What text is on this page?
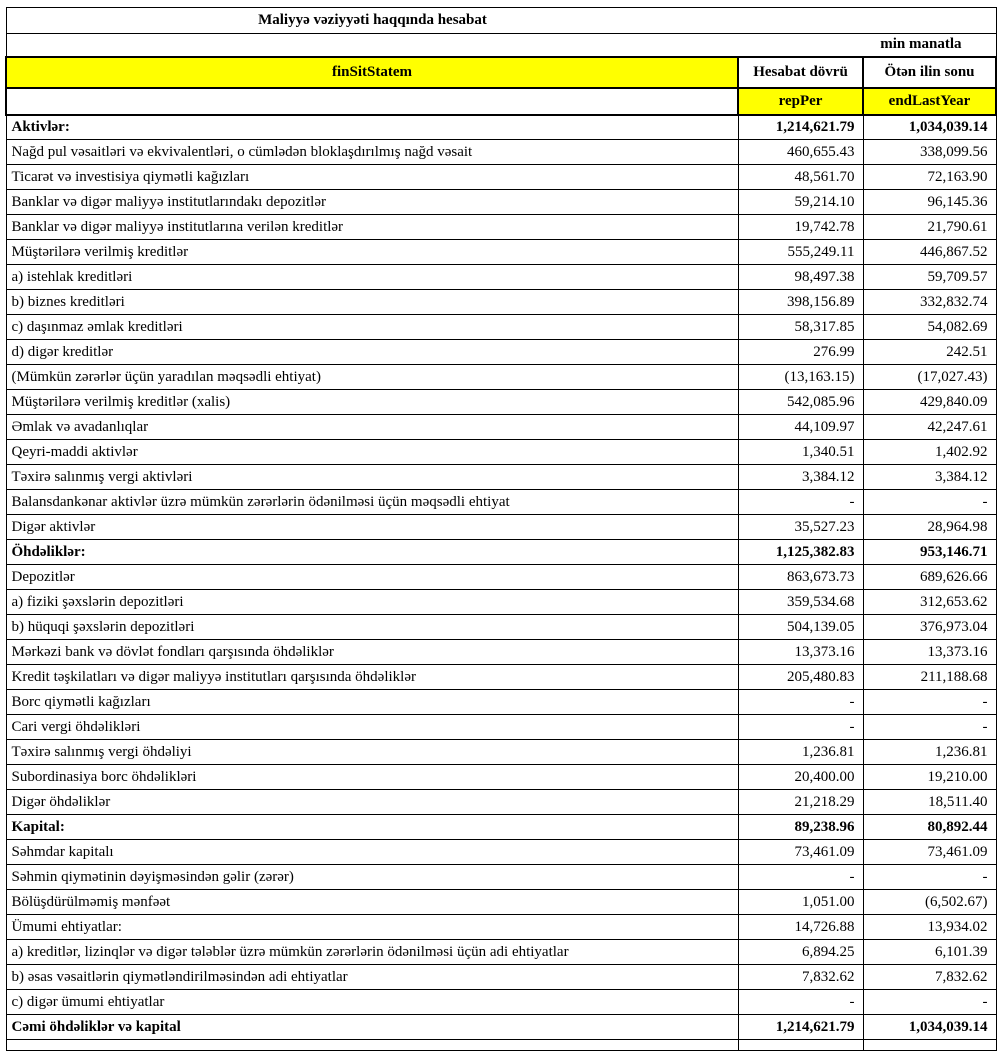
Maliyyə vəziyyəti haqqında hesabat		

min manatla		
finSitStatem	Hesabat dövrü	Ötən ilin sonu
	repPer	endLastYear
Aktivlər:	1,214,621.79	1,034,039.14
Nağd pul vəsaitləri və ekvivalentləri, o cümlədən bloklaşdırılmış nağd vəsait	460,655.43	338,099.56
Ticarət və investisiya qiymətli kağızları	48,561.70	72,163.90
Banklar və digər maliyyə institutlarındakı depozitlər	59,214.10	96,145.36
Banklar və digər maliyyə institutlarına verilən kreditlər	19,742.78	21,790.61
Müştərilərə verilmiş kreditlər	555,249.11	446,867.52
a) istehlak kreditləri	98,497.38	59,709.57
b) biznes kreditləri	398,156.89	332,832.74
c) daşınmaz əmlak kreditləri	58,317.85	54,082.69
d) digər kreditlər	276.99	242.51
(Mümkün zərərlər üçün yaradılan məqsədli ehtiyat)	(13,163.15)	(17,027.43)
Müştərilərə verilmiş kreditlər (xalis)	542,085.96	429,840.09
Əmlak və avadanlıqlar	44,109.97	42,247.61
Qeyri-maddi aktivlər	1,340.51	1,402.92
Təxirə salınmış vergi aktivləri	3,384.12	3,384.12
Balansdankənar aktivlər üzrə mümkün zərərlərin ödənilməsi üçün məqsədli ehtiyat	-	-
Digər aktivlər	35,527.23	28,964.98
Öhdəliklər:	1,125,382.83	953,146.71
Depozitlər	863,673.73	689,626.66
a) fiziki şəxslərin depozitləri	359,534.68	312,653.62
b) hüquqi şəxslərin depozitləri	504,139.05	376,973.04
Mərkəzi bank və dövlət fondları qarşısında öhdəliklər	13,373.16	13,373.16
Kredit təşkilatları və digər maliyyə institutları qarşısında öhdəliklər	205,480.83	211,188.68
Borc qiymətli kağızları	-	-
Cari vergi öhdəlikləri	-	-
Təxirə salınmış vergi öhdəliyi	1,236.81	1,236.81
Subordinasiya borc öhdəlikləri	20,400.00	19,210.00
Digər öhdəliklər	21,218.29	18,511.40
Kapital:	89,238.96	80,892.44
Səhmdar kapitalı	73,461.09	73,461.09
Səhmin qiymətinin dəyişməsindən gəlir (zərər)	-	-
Bölüşdürülməmiş mənfəət	1,051.00	(6,502.67)
Ümumi ehtiyatlar:	14,726.88	13,934.02
a) kreditlər, lizinqlər və digər tələblər üzrə mümkün zərərlərin ödənilməsi üçün adi ehtiyatlar	6,894.25	6,101.39
b) əsas vəsaitlərin qiymətləndirilməsindən adi ehtiyatlar	7,832.62	7,832.62
c) digər ümumi ehtiyatlar	-	-
Cəmi öhdəliklər və kapital	1,214,621.79	1,034,039.14
